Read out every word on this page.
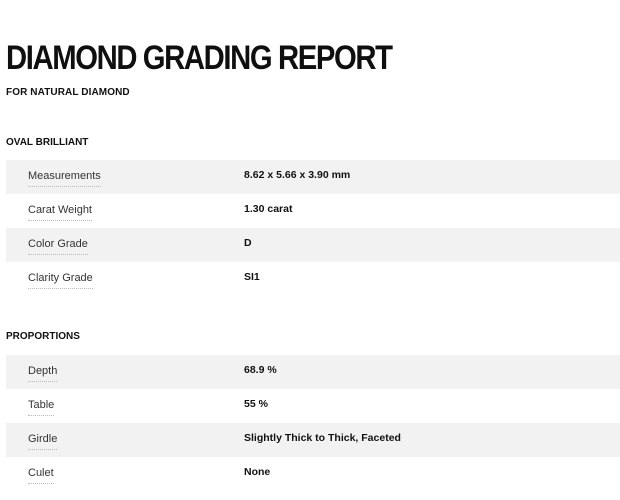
DIAMOND GRADING REPORT
FOR NATURAL DIAMOND
OVAL BRILLIANT
Measurements	8.62 x 5.66 x 3.90 mm
Carat Weight	1.30 carat
Color Grade	D
Clarity Grade	SI1
PROPORTIONS
Depth	68.9 %
Table	55 %
Girdle	Slightly Thick to Thick, Faceted
Culet	None
